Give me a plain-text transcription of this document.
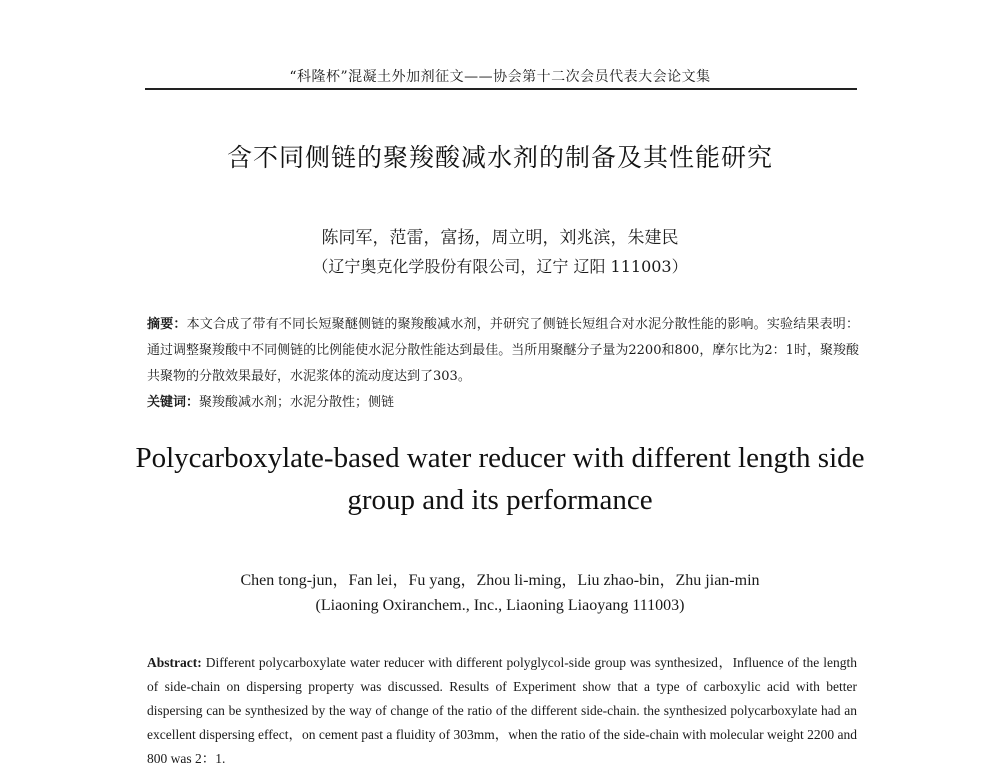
“科隆杯”混凝土外加剂征文——协会第十二次会员代表大会论文集
含不同侧链的聚羧酸减水剂的制备及其性能研究
陈同军，范雷，富扬，周立明，刘兆滨，朱建民
（辽宁奥克化学股份有限公司，辽宁 辽阳 111003）
摘要：本文合成了带有不同长短聚醚侧链的聚羧酸减水剂，并研究了侧链长短组合对水泥分散性能的影响。实验结果表明：通过调整聚羧酸中不同侧链的比例能使水泥分散性能达到最佳。当所用聚醚分子量为2200和800，摩尔比为2：1时，聚羧酸共聚物的分散效果最好，水泥浆体的流动度达到了303。
关键词：聚羧酸减水剂；水泥分散性；侧链
Polycarboxylate-based water reducer with different length side
group and its performance
Chen tong-jun，Fan lei，Fu yang，Zhou li-ming，Liu zhao-bin，Zhu jian-min
(Liaoning Oxiranchem., Inc., Liaoning Liaoyang 111003)
Abstract: Different polycarboxylate water reducer with different polyglycol-side group was synthesized，Influence of the length of side-chain on dispersing property was discussed. Results of Experiment show that a type of carboxylic acid with better dispersing can be synthesized by the way of change of the ratio of the different side-chain. the synthesized polycarboxylate had an excellent dispersing effect，on cement past a fluidity of 303mm，when the ratio of the side-chain with molecular weight 2200 and 800 was 2：1.
